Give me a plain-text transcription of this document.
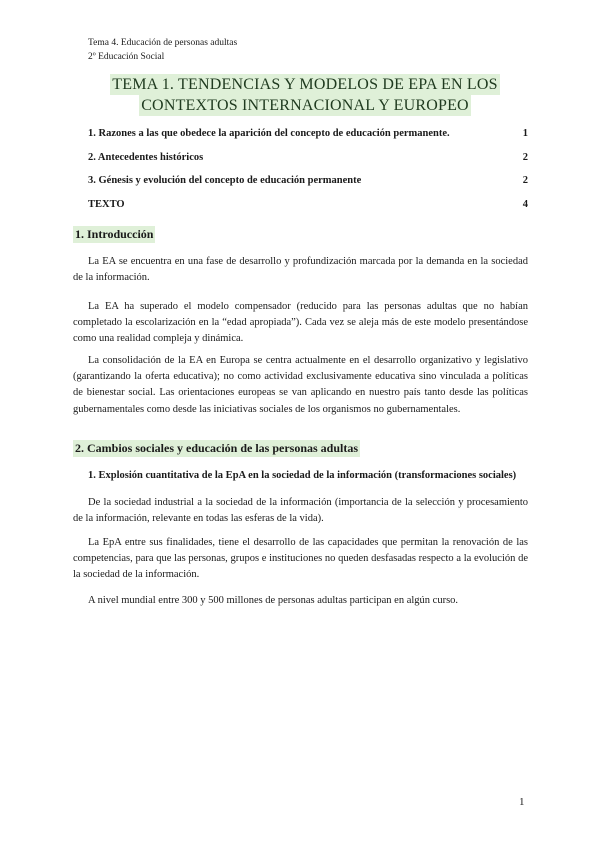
Tema 4. Educación de personas adultas
2º Educación Social
TEMA 1. TENDENCIAS Y MODELOS DE EPA EN LOS
CONTEXTOS INTERNACIONAL Y EUROPEO
1. Razones a las que obedece la aparición del concepto de educación permanente.	1
2. Antecedentes históricos	2
3. Génesis y evolución del concepto de educación permanente	2
TEXTO	4
1. Introducción

La EA se encuentra en una fase de desarrollo y profundización marcada por la demanda en la sociedad de la información.

La EA ha superado el modelo compensador (reducido para las personas adultas que no habían completado la escolarización en la “edad apropiada”). Cada vez se aleja más de este modelo presentándose como una realidad compleja y dinámica.

La consolidación de la EA en Europa se centra actualmente en el desarrollo organizativo y legislativo (garantizando la oferta educativa); no como actividad exclusivamente educativa sino vinculada a políticas de bienestar social. Las orientaciones europeas se van aplicando en nuestro país tanto desde las políticas gubernamentales como desde las iniciativas sociales de los organismos no gubernamentales.

2. Cambios sociales y educación de las personas adultas
1. Explosión cuantitativa de la EpA en la sociedad de la información (transformaciones sociales)

De la sociedad industrial a la sociedad de la información (importancia de la selección y procesamiento de la información, relevante en todas las esferas de la vida).

La EpA entre sus finalidades, tiene el desarrollo de las capacidades que permitan la renovación de las competencias, para que las personas, grupos e instituciones no queden desfasadas respecto a la evolución de la sociedad de la información.

A nivel mundial entre 300 y 500 millones de personas adultas participan en algún curso.

1
